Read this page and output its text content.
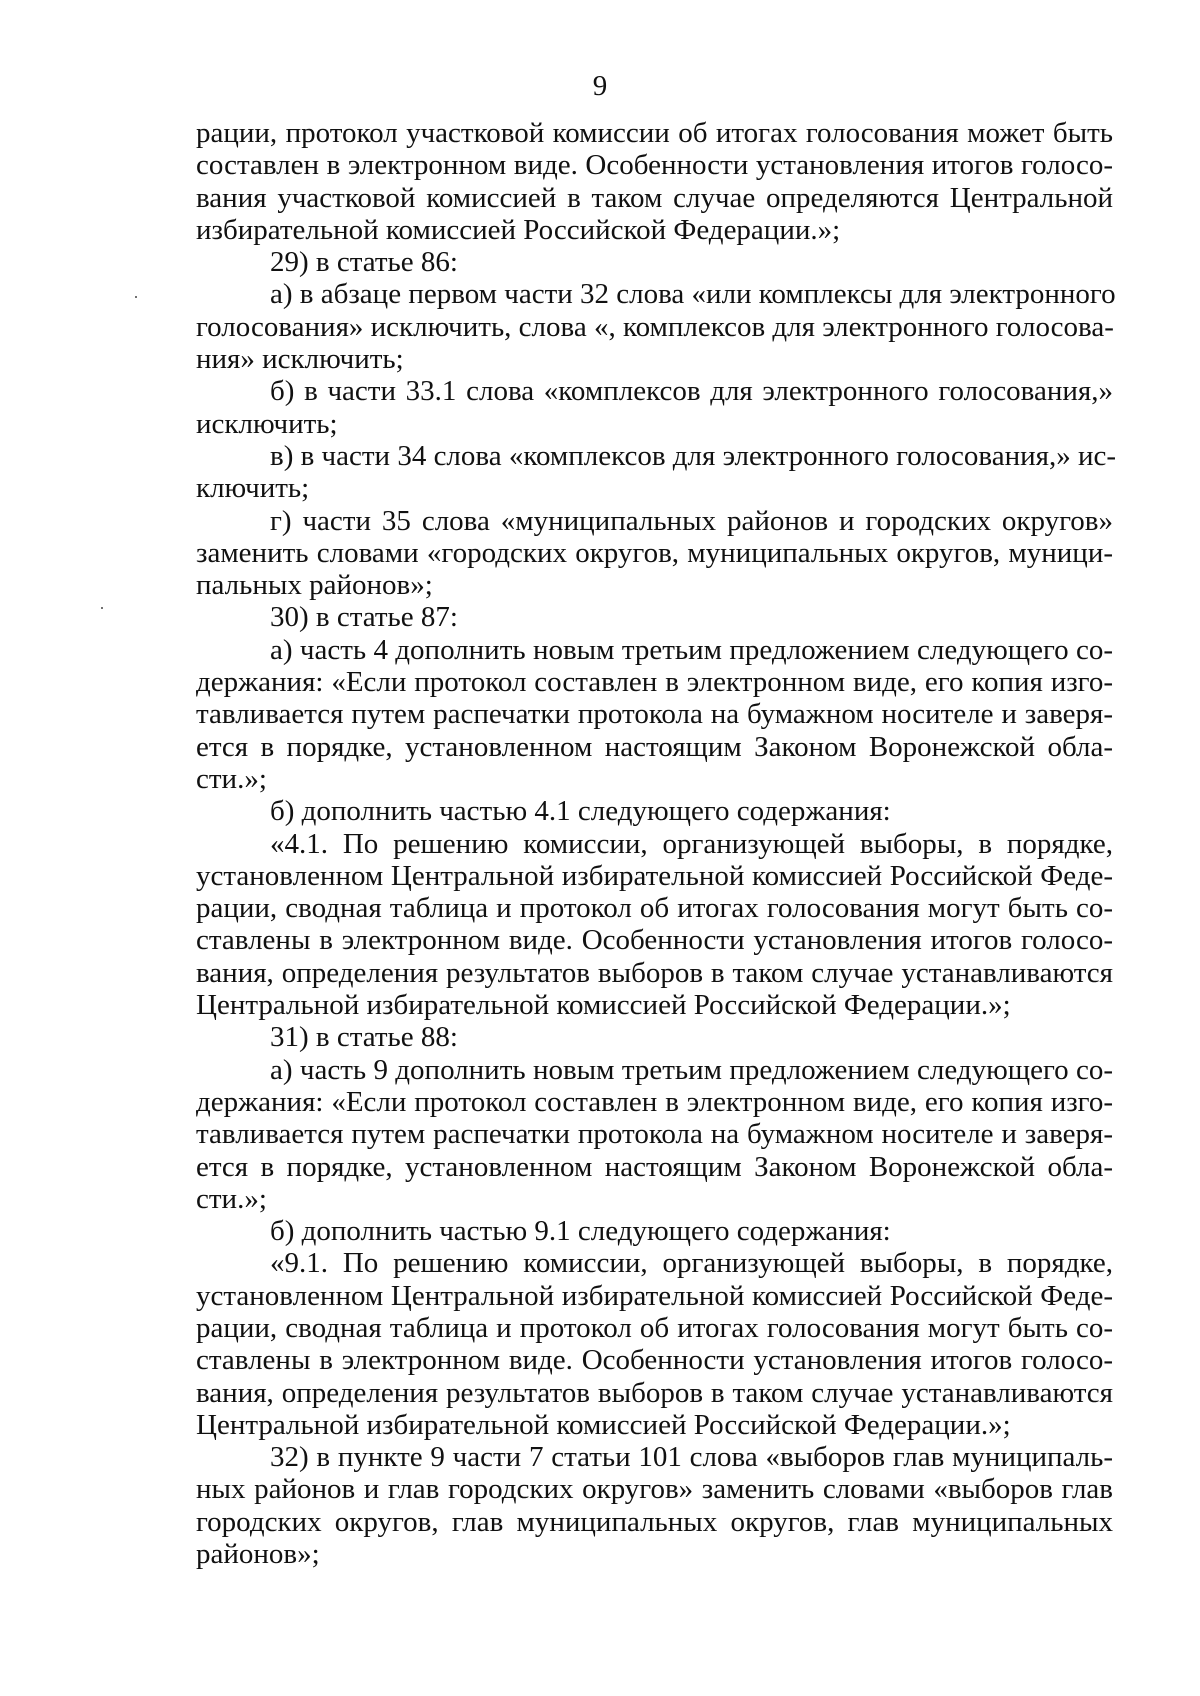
9
рации, протокол участковой комиссии об итогах голосования может быть
составлен в электронном виде. Особенности установления итогов голосо-
вания участковой комиссией в таком случае определяются Центральной
избирательной комиссией Российской Федерации.»;
29) в статье 86:
а) в абзаце первом части 32 слова «или комплексы для электронного
голосования» исключить, слова «, комплексов для электронного голосова-
ния» исключить;
б) в части 33.1 слова «комплексов для электронного голосования,»
исключить;
в) в части 34 слова «комплексов для электронного голосования,» ис-
ключить;
г) части 35 слова «муниципальных районов и городских округов»
заменить словами «городских округов, муниципальных округов, муници-
пальных районов»;
30) в статье 87:
а) часть 4 дополнить новым третьим предложением следующего со-
держания: «Если протокол составлен в электронном виде, его копия изго-
тавливается путем распечатки протокола на бумажном носителе и заверя-
ется в порядке, установленном настоящим Законом Воронежской обла-
сти.»;
б) дополнить частью 4.1 следующего содержания:
«4.1. По решению комиссии, организующей выборы, в порядке,
установленном Центральной избирательной комиссией Российской Феде-
рации, сводная таблица и протокол об итогах голосования могут быть со-
ставлены в электронном виде. Особенности установления итогов голосо-
вания, определения результатов выборов в таком случае устанавливаются
Центральной избирательной комиссией Российской Федерации.»;
31) в статье 88:
а) часть 9 дополнить новым третьим предложением следующего со-
держания: «Если протокол составлен в электронном виде, его копия изго-
тавливается путем распечатки протокола на бумажном носителе и заверя-
ется в порядке, установленном настоящим Законом Воронежской обла-
сти.»;
б) дополнить частью 9.1 следующего содержания:
«9.1. По решению комиссии, организующей выборы, в порядке,
установленном Центральной избирательной комиссией Российской Феде-
рации, сводная таблица и протокол об итогах голосования могут быть со-
ставлены в электронном виде. Особенности установления итогов голосо-
вания, определения результатов выборов в таком случае устанавливаются
Центральной избирательной комиссией Российской Федерации.»;
32) в пункте 9 части 7 статьи 101 слова «выборов глав муниципаль-
ных районов и глав городских округов» заменить словами «выборов глав
городских округов, глав муниципальных округов, глав муниципальных
районов»;
